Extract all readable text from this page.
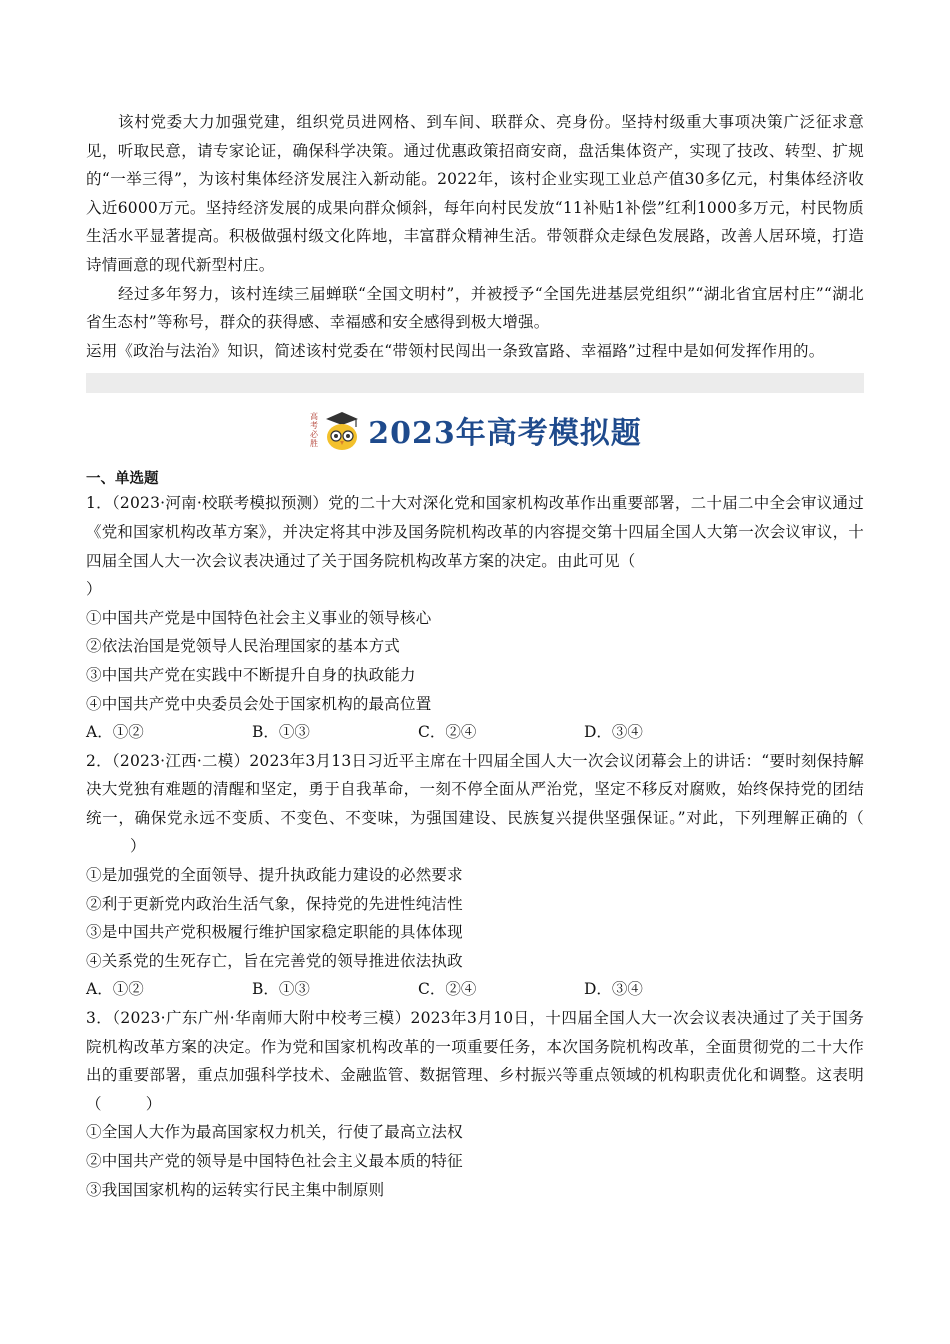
该村党委大力加强党建，组织党员进网格、到车间、联群众、亮身份。坚持村级重大事项决策广泛征求意见，听取民意，请专家论证，确保科学决策。通过优惠政策招商安商，盘活集体资产，实现了技改、转型、扩规的“一举三得”，为该村集体经济发展注入新动能。2022年，该村企业实现工业总产值30多亿元，村集体经济收入近6000万元。坚持经济发展的成果向群众倾斜，每年向村民发放“11补贴1补偿”红利1000多万元，村民物质生活水平显著提高。积极做强村级文化阵地，丰富群众精神生活。带领群众走绿色发展路，改善人居环境，打造诗情画意的现代新型村庄。

经过多年努力，该村连续三届蝉联“全国文明村”，并被授予“全国先进基层党组织”“湖北省宜居村庄”“湖北省生态村”等称号，群众的获得感、幸福感和安全感得到极大增强。

运用《政治与法治》知识，简述该村党委在“带领村民闯出一条致富路、幸福路”过程中是如何发挥作用的。

高
考
必
胜 2023年高考模拟题
一、单选题

1．（2023·河南·校联考模拟预测）党的二十大对深化党和国家机构改革作出重要部署，二十届二中全会审议通过《党和国家机构改革方案》，并决定将其中涉及国务院机构改革的内容提交第十四届全国人大第一次会议审议，十四届全国人大一次会议表决通过了关于国务院机构改革方案的决定。由此可见（
）

①中国共产党是中国特色社会主义事业的领导核心

②依法治国是党领导人民治理国家的基本方式

③中国共产党在实践中不断提升自身的执政能力

④中国共产党中央委员会处于国家机构的最高位置

A．①②	B．①③	C．②④	D．③④

2．（2023·江西·二模）2023年3月13日习近平主席在十四届全国人大一次会议闭幕会上的讲话：“要时刻保持解决大党独有难题的清醒和坚定，勇于自我革命，一刻不停全面从严治党，坚定不移反对腐败，始终保持党的团结统一，确保党永远不变质、不变色、不变味，为强国建设、民族复兴提供坚强保证。”对此，下列理解正确的（）

①是加强党的全面领导、提升执政能力建设的必然要求

②利于更新党内政治生活气象，保持党的先进性纯洁性

③是中国共产党积极履行维护国家稳定职能的具体体现

④关系党的生死存亡，旨在完善党的领导推进依法执政

A．①②	B．①③	C．②④	D．③④

3．（2023·广东广州·华南师大附中校考三模）2023年3月10日，十四届全国人大一次会议表决通过了关于国务院机构改革方案的决定。作为党和国家机构改革的一项重要任务，本次国务院机构改革，全面贯彻党的二十大作出的重要部署，重点加强科学技术、金融监管、数据管理、乡村振兴等重点领域的机构职责优化和调整。这表明（	）

①全国人大作为最高国家权力机关，行使了最高立法权

②中国共产党的领导是中国特色社会主义最本质的特征

③我国国家机构的运转实行民主集中制原则
